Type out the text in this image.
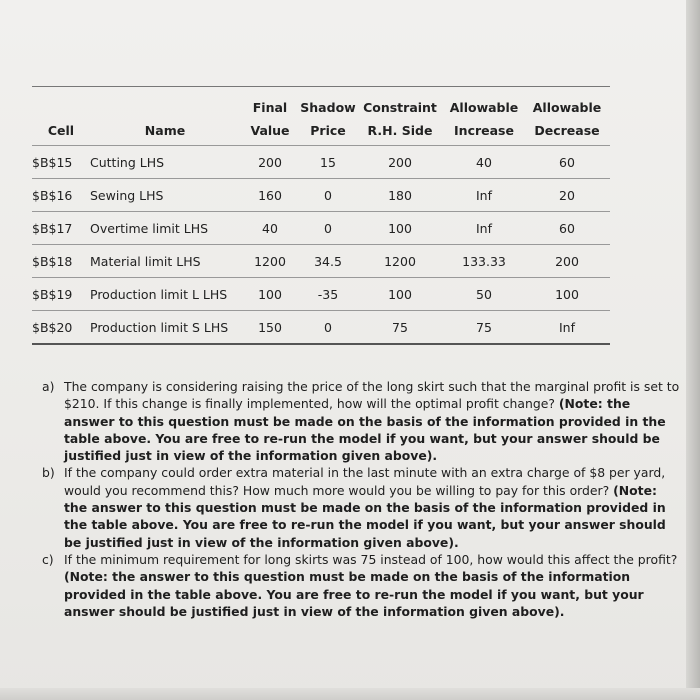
		Final	Shadow	Constraint	Allowable	Allowable
Cell	Name	Value	Price	R.H. Side	Increase	Decrease
$B$15	Cutting LHS	200	15	200	40	60
$B$16	Sewing LHS	160	0	180	Inf	20
$B$17	Overtime limit LHS	40	0	100	Inf	60
$B$18	Material limit LHS	1200	34.5	1200	133.33	200
$B$19	Production limit L LHS	100	-35	100	50	100
$B$20	Production limit S LHS	150	0	75	75	Inf
a) The company is considering raising the price of the long skirt such that the marginal profit is set to $210. If this change is finally implemented, how will the optimal profit change? (Note: the answer to this question must be made on the basis of the information provided in the table above. You are free to re-run the model if you want, but your answer should be justified just in view of the information given above).
b) If the company could order extra material in the last minute with an extra charge of $8 per yard, would you recommend this? How much more would you be willing to pay for this order? (Note: the answer to this question must be made on the basis of the information provided in the table above. You are free to re-run the model if you want, but your answer should be justified just in view of the information given above).
c) If the minimum requirement for long skirts was 75 instead of 100, how would this affect the profit? (Note: the answer to this question must be made on the basis of the information provided in the table above. You are free to re-run the model if you want, but your answer should be justified just in view of the information given above).
